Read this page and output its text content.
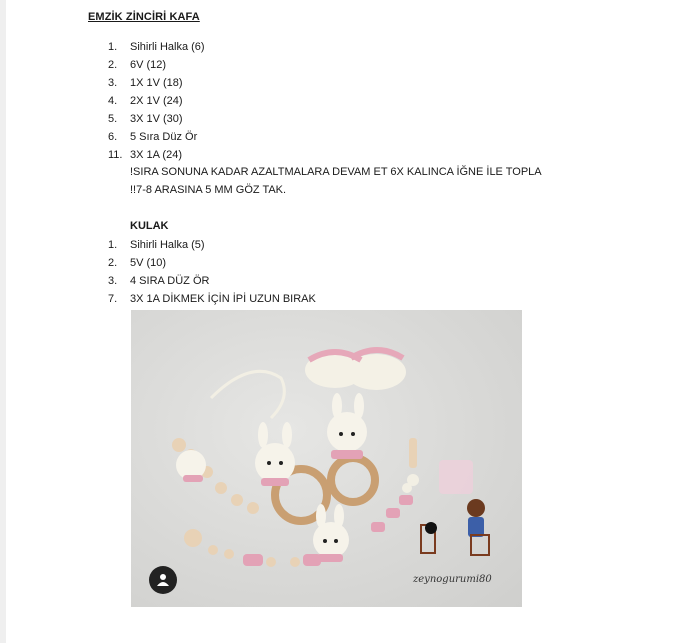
EMZİK ZİNCİRİ KAFA
1.	Sihirli Halka (6)
2.	6V (12)
3.	1X 1V (18)
4.	2X 1V (24)
5.	3X 1V (30)
6.	5 Sıra Düz Ör
11. 3X 1A (24)
!SIRA SONUNA KADAR AZALTMALARA DEVAM ET 6X KALINCA İĞNE İLE TOPLA
!!7-8 ARASINA 5 MM GÖZ TAK.
KULAK
1.	Sihirli Halka (5)
2.	5V (10)
3.	4 SIRA DÜZ ÖR
7.	3X 1A DİKMEK İÇİN İPİ UZUN BIRAK
zeynogurumi80
